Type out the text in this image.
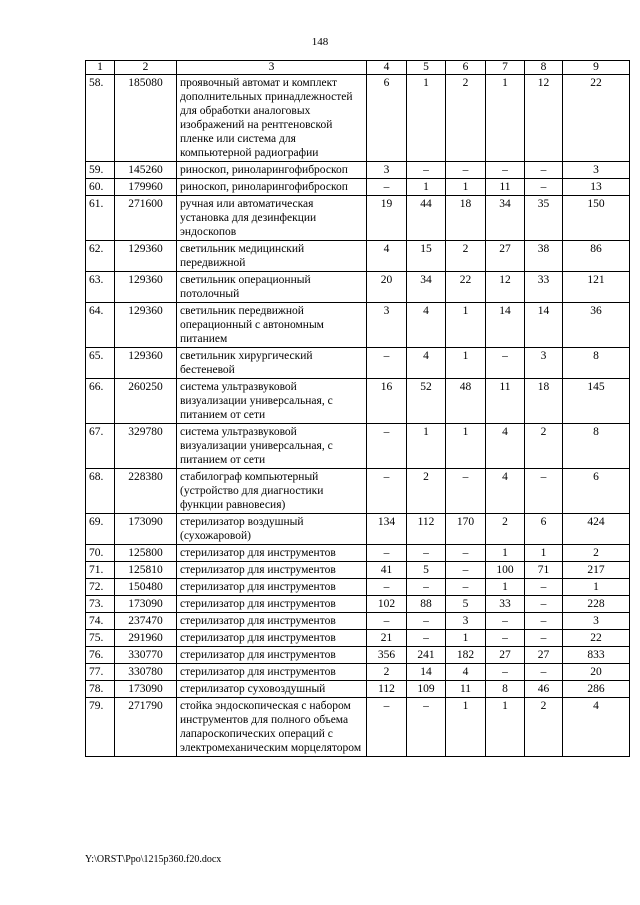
148
1	2	3	4	5	6	7	8	9
58.	185080	проявочный автомат и комплект дополнительных принадлежностей для обработки аналоговых изображений на рентгеновской пленке или система для компьютерной радиографии	6	1	2	1	12	22
59.	145260	риноскоп, риноларингофиброскоп	3	–	–	–	–	3
60.	179960	риноскоп, риноларингофиброскоп	–	1	1	11	–	13
61.	271600	ручная или автоматическая установка для дезинфекции эндоскопов	19	44	18	34	35	150
62.	129360	светильник медицинский передвижной	4	15	2	27	38	86
63.	129360	светильник операционный потолочный	20	34	22	12	33	121
64.	129360	светильник передвижной операционный с автономным питанием	3	4	1	14	14	36
65.	129360	светильник хирургический бестеневой	–	4	1	–	3	8
66.	260250	система ультразвуковой визуализации универсальная, с питанием от сети	16	52	48	11	18	145
67.	329780	система ультразвуковой визуализации универсальная, с питанием от сети	–	1	1	4	2	8
68.	228380	стабилограф компьютерный (устройство для диагностики функции равновесия)	–	2	–	4	–	6
69.	173090	стерилизатор воздушный (сухожаровой)	134	112	170	2	6	424
70.	125800	стерилизатор для инструментов	–	–	–	1	1	2
71.	125810	стерилизатор для инструментов	41	5	–	100	71	217
72.	150480	стерилизатор для инструментов	–	–	–	1	–	1
73.	173090	стерилизатор для инструментов	102	88	5	33	–	228
74.	237470	стерилизатор для инструментов	–	–	3	–	–	3
75.	291960	стерилизатор для инструментов	21	–	1	–	–	22
76.	330770	стерилизатор для инструментов	356	241	182	27	27	833
77.	330780	стерилизатор для инструментов	2	14	4	–	–	20
78.	173090	стерилизатор суховоздушный	112	109	11	8	46	286
79.	271790	стойка эндоскопическая с набором инструментов для полного объема лапароскопических операций с электромеханическим морцелятором	–	–	1	1	2	4
Y:\ORST\Ppo\1215p360.f20.docx
